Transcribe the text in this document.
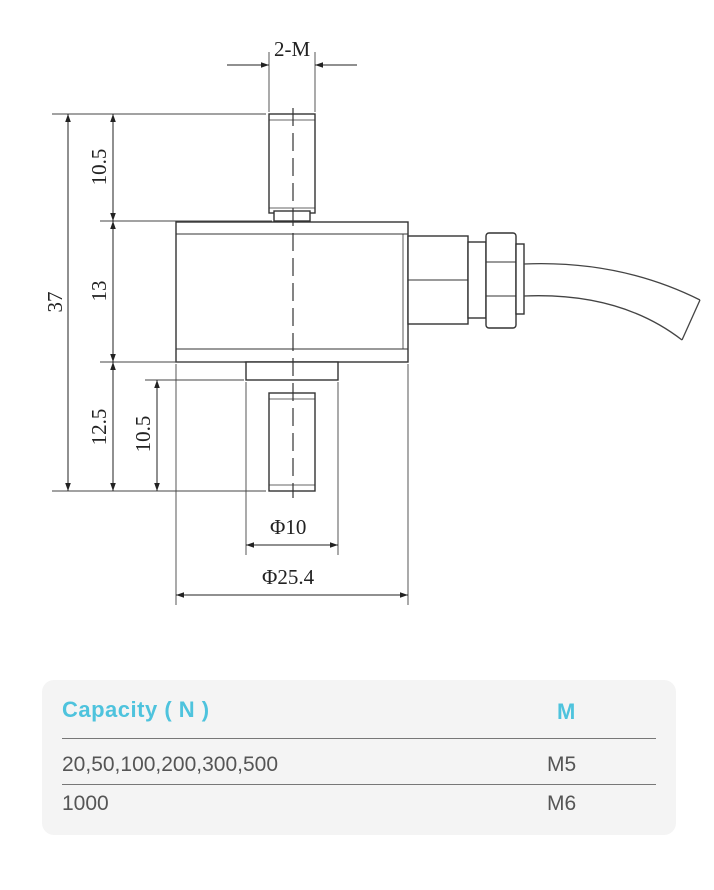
2-M
37
10.5
13
12.5 10.5
Φ10
Φ25.4
Capacity ( N )	M
20,50,100,200,300,500	M5
1000	M6
